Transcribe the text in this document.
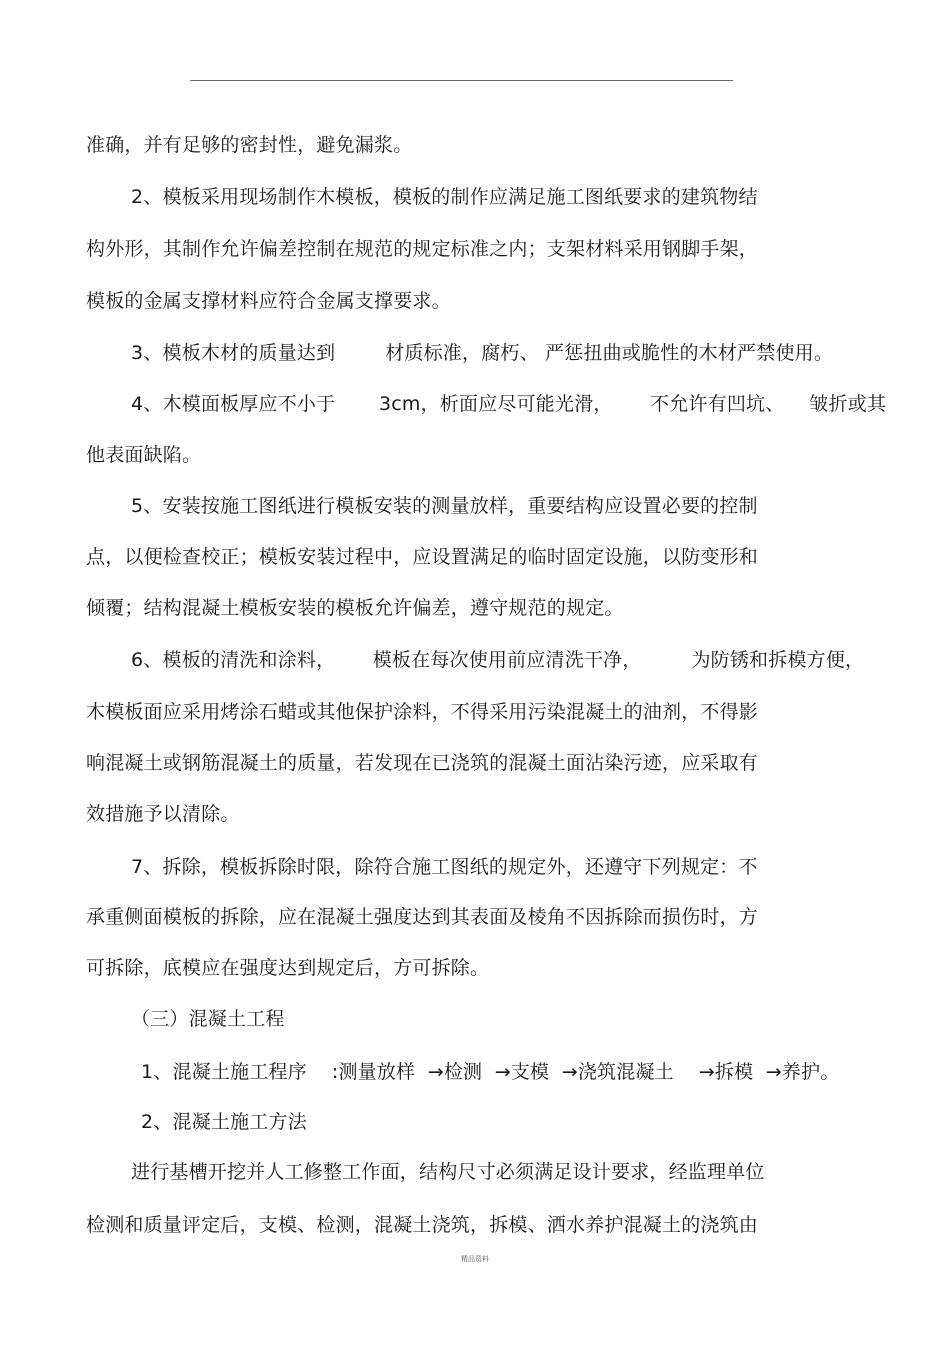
准确，并有足够的密封性，避免漏浆。
2、模板采用现场制作木模板，模板的制作应满足施工图纸要求的建筑物结
构外形，其制作允许偏差控制在规范的规定标准之内；支架材料采用钢脚手架，
模板的金属支撑材料应符合金属支撑要求。
3、模板木材的质量达到        材质标准，腐朽、 严惩扭曲或脆性的木材严禁使用。
4、木模面板厚应不小于       3cm，析面应尽可能光滑，      不允许有凹坑、    皱折或其
他表面缺陷。
5、安装按施工图纸进行模板安装的测量放样，重要结构应设置必要的控制
点，以便检查校正；模板安装过程中，应设置满足的临时固定设施，以防变形和
倾覆；结构混凝土模板安装的模板允许偏差，遵守规范的规定。
6、模板的清洗和涂料，      模板在每次使用前应清洗干净，        为防锈和拆模方便，
木模板面应采用烤涂石蜡或其他保护涂料，不得采用污染混凝土的油剂，不得影
响混凝土或钢筋混凝土的质量，若发现在已浇筑的混凝土面沾染污迹，应采取有
效措施予以清除。
7、拆除，模板拆除时限，除符合施工图纸的规定外，还遵守下列规定：不
承重侧面模板的拆除，应在混凝土强度达到其表面及棱角不因拆除而损伤时，方
可拆除，底模应在强度达到规定后，方可拆除。
（三）混凝土工程
1、混凝土施工程序    :测量放样  →检测  →支模  →浇筑混凝土    →拆模  →养护。
2、混凝土施工方法
进行基槽开挖并人工修整工作面，结构尺寸必须满足设计要求，经监理单位
检测和质量评定后，支模、检测，混凝土浇筑，拆模、洒水养护混凝土的浇筑由
精品资料
